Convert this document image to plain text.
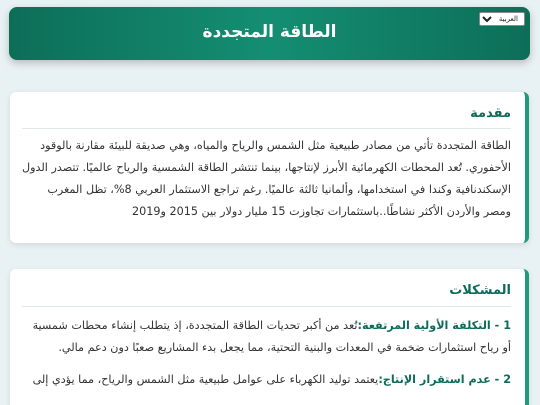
العربية
الطاقة المتجددة
مقدمة

الطاقة المتجددة تأتي من مصادر طبيعية مثل الشمس والرياح والمياه، وهي صديقة للبيئة مقارنة بالوقود الأحفوري. تُعد المحطات الكهرمائية الأبرز لإنتاجها، بينما تنتشر الطاقة الشمسية والرياح عالميًا. تتصدر الدول الإسكندنافية وكندا في استخدامها، وألمانيا ثالثة عالميًا. رغم تراجع الاستثمار العربي 8%، تظل المغرب ومصر والأردن الأكثر نشاطًا..باستثمارات تجاوزت 15 مليار دولار بين 2015 و2019

المشكلات

1 - التكلفة الأولية المرتفعة:تُعد من أكبر تحديات الطاقة المتجددة، إذ يتطلب إنشاء محطات شمسية أو رياح استثمارات ضخمة في المعدات والبنية التحتية، مما يجعل بدء المشاريع صعبًا دون دعم مالي.

2 - عدم استقرار الإنتاج:يعتمد توليد الكهرباء على عوامل طبيعية مثل الشمس والرياح، مما يؤدي إلى
